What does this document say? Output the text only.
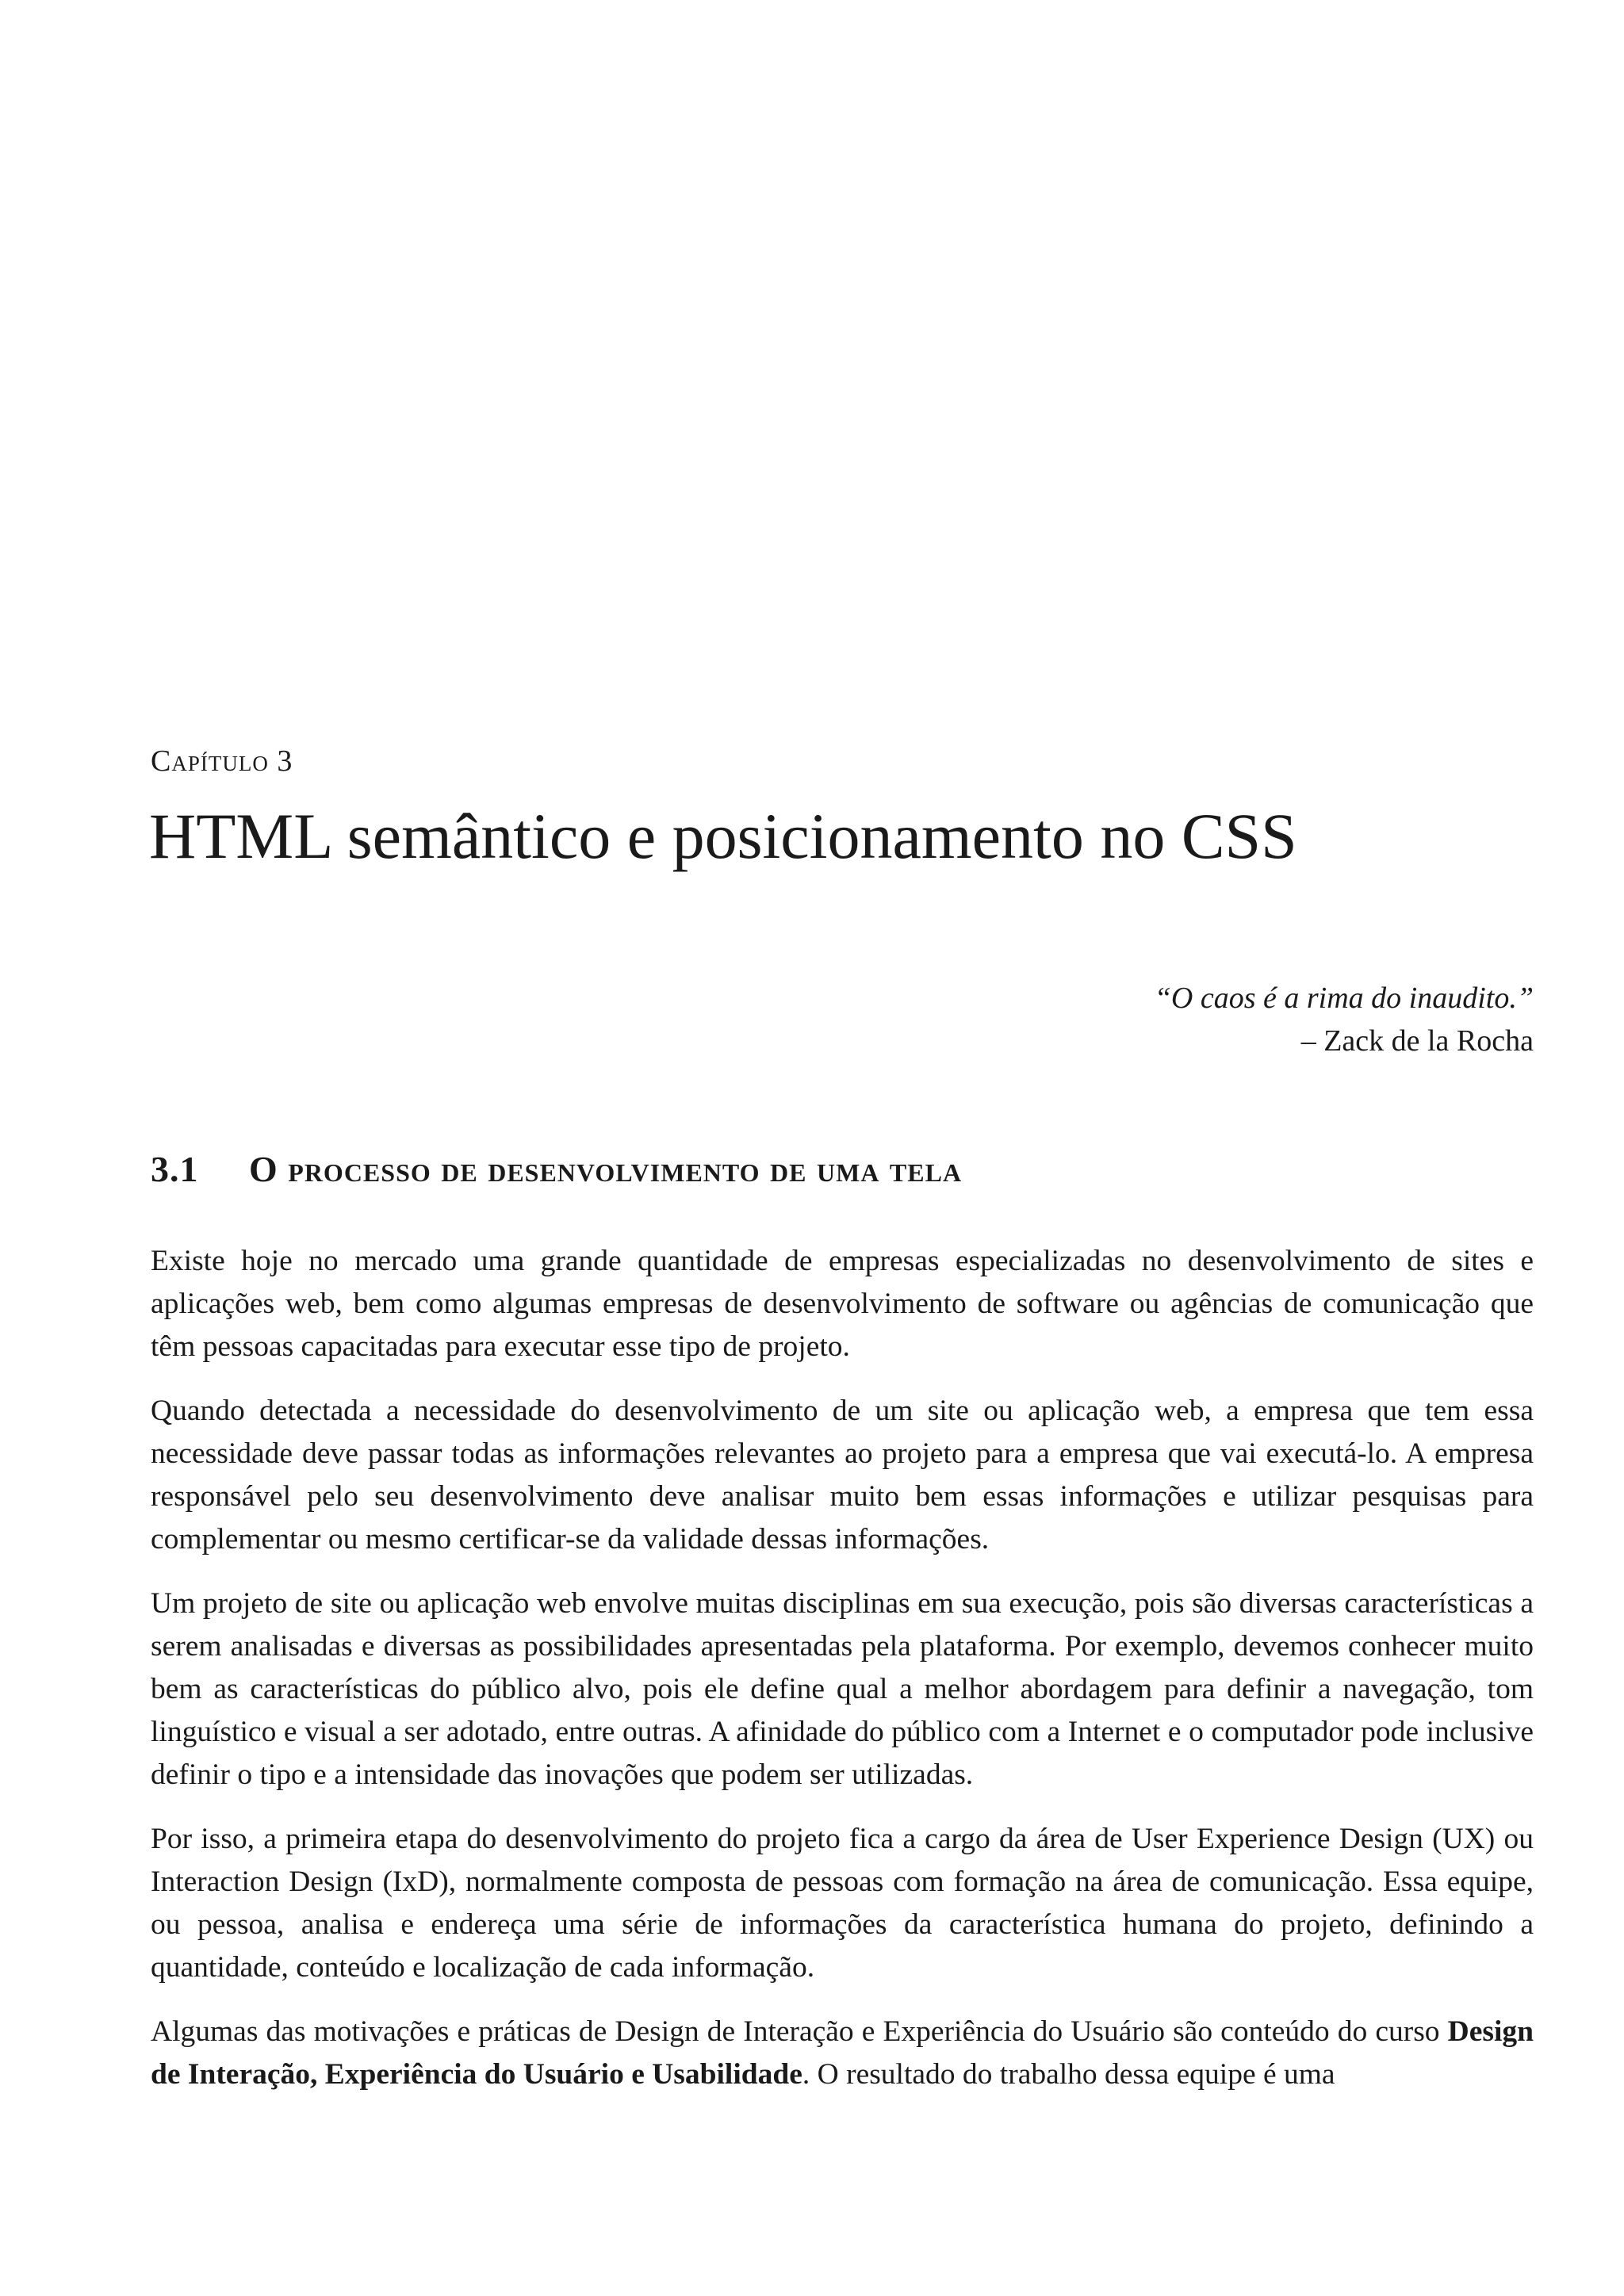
Capítulo 3
HTML semântico e posicionamento no CSS
“O caos é a rima do inaudito.”
– Zack de la Rocha
3.1 O processo de desenvolvimento de uma tela

Existe hoje no mercado uma grande quantidade de empresas especializadas no desenvolvimento de sites e aplicações web, bem como algumas empresas de desenvolvimento de software ou agências de comunicação que têm pessoas capacitadas para executar esse tipo de projeto.

Quando detectada a necessidade do desenvolvimento de um site ou aplicação web, a empresa que tem essa necessidade deve passar todas as informações relevantes ao projeto para a empresa que vai executá-lo. A empresa responsável pelo seu desenvolvimento deve analisar muito bem essas informações e utilizar pesquisas para complementar ou mesmo certificar-se da validade dessas informações.

Um projeto de site ou aplicação web envolve muitas disciplinas em sua execução, pois são diversas características a serem analisadas e diversas as possibilidades apresentadas pela plataforma. Por exemplo, devemos conhecer muito bem as características do público alvo, pois ele define qual a melhor abordagem para definir a navegação, tom linguístico e visual a ser adotado, entre outras. A afinidade do público com a Internet e o computador pode inclusive definir o tipo e a intensidade das inovações que podem ser utilizadas.

Por isso, a primeira etapa do desenvolvimento do projeto fica a cargo da área de User Experience Design (UX) ou Interaction Design (IxD), normalmente composta de pessoas com formação na área de comunicação. Essa equipe, ou pessoa, analisa e endereça uma série de informações da característica humana do projeto, definindo a quantidade, conteúdo e localização de cada informação.

Algumas das motivações e práticas de Design de Interação e Experiência do Usuário são conteúdo do curso Design de Interação, Experiência do Usuário e Usabilidade. O resultado do trabalho dessa equipe é uma
